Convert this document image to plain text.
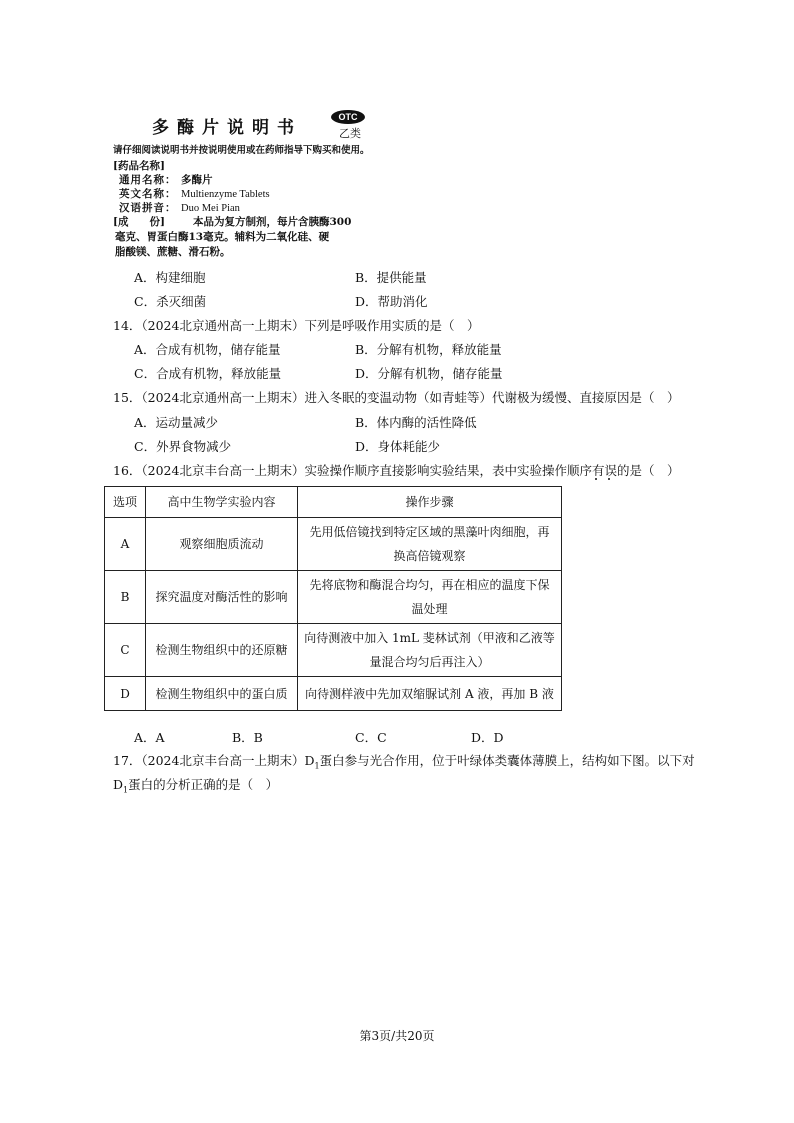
多酶片说明书
OTC
乙类
请仔细阅读说明书并按说明使用或在药师指导下购买和使用。
[药品名称]
通用名称： 多酶片
英文名称： Multienzyme Tablets
汉语拼音： Duo Mei Pian
[成　　份]	本品为复方制剂，每片含胰酶300
毫克、胃蛋白酶13毫克。辅料为二氧化硅、硬
脂酸镁、蔗糖、滑石粉。
A．构建细胞	B．提供能量
C．杀灭细菌	D．帮助消化
14．（2024北京通州高一上期末）下列是呼吸作用实质的是（　）
A．合成有机物，储存能量	B．分解有机物，释放能量
C．合成有机物，释放能量	D．分解有机物，储存能量
15．（2024北京通州高一上期末）进入冬眠的变温动物（如青蛙等）代谢极为缓慢、直接原因是（　）
A．运动量减少	B．体内酶的活性降低
C．外界食物减少	D．身体耗能少
16．（2024北京丰台高一上期末）实验操作顺序直接影响实验结果，表中实验操作顺序有误的是（　）
选项	高中生物学实验内容	操作步骤
A	观察细胞质流动	先用低倍镜找到特定区域的黑藻叶肉细胞，再
换高倍镜观察

B	探究温度对酶活性的影响	先将底物和酶混合均匀，再在相应的温度下保
温处理

C	检测生物组织中的还原糖	向待测液中加入 1mL 斐林试剂（甲液和乙液等
量混合均匀后再注入）

D	检测生物组织中的蛋白质	向待测样液中先加双缩脲试剂 A 液，再加 B 液
A．A	B．B	C．C	D．D
17．（2024北京丰台高一上期末）$D_1$蛋白参与光合作用，位于叶绿体类囊体薄膜上，结构如下图。以下对
$D_1$蛋白的分析正确的是（　）
第3页/共20页
